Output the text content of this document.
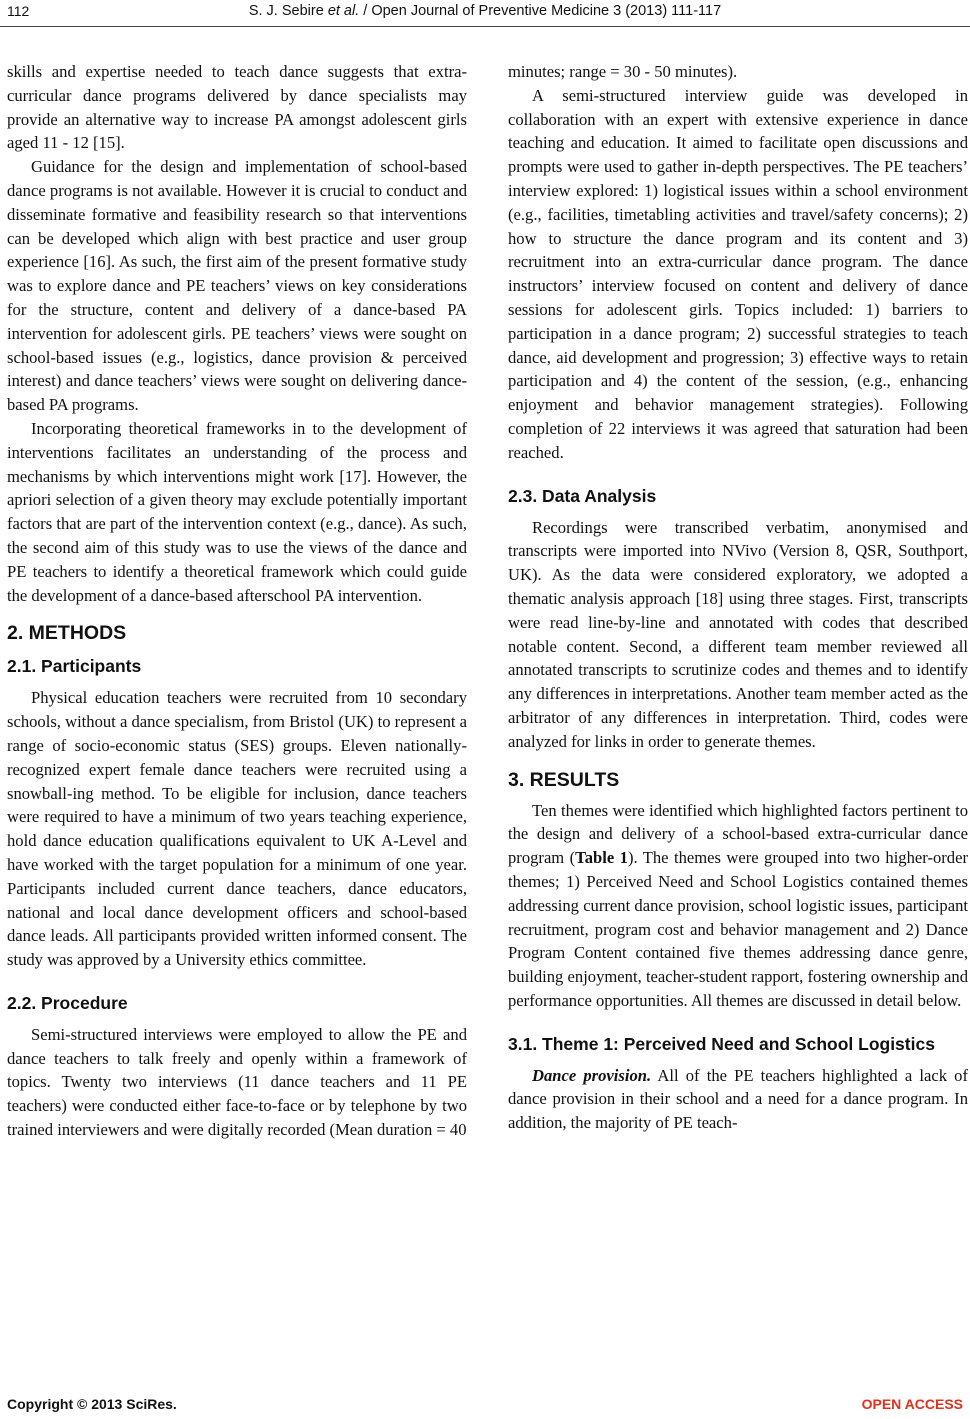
112	S. J. Sebire et al. / Open Journal of Preventive Medicine 3 (2013) 111-117

skills and expertise needed to teach dance suggests that extra-curricular dance programs delivered by dance specialists may provide an alternative way to increase PA amongst adolescent girls aged 11 - 12 [15].

Guidance for the design and implementation of school-based dance programs is not available. However it is crucial to conduct and disseminate formative and feasibility research so that interventions can be developed which align with best practice and user group experience [16]. As such, the first aim of the present formative study was to explore dance and PE teachers’ views on key considerations for the structure, content and delivery of a dance-based PA intervention for adolescent girls. PE teachers’ views were sought on school-based issues (e.g., logistics, dance provision & perceived interest) and dance teachers’ views were sought on delivering dance-based PA programs.

Incorporating theoretical frameworks in to the development of interventions facilitates an understanding of the process and mechanisms by which interventions might work [17]. However, the apriori selection of a given theory may exclude potentially important factors that are part of the intervention context (e.g., dance). As such, the second aim of this study was to use the views of the dance and PE teachers to identify a theoretical framework which could guide the development of a dance-based afterschool PA intervention.

2. METHODS
2.1. Participants

Physical education teachers were recruited from 10 secondary schools, without a dance specialism, from Bristol (UK) to represent a range of socio-economic status (SES) groups. Eleven nationally-recognized expert female dance teachers were recruited using a snowball-ing method. To be eligible for inclusion, dance teachers were required to have a minimum of two years teaching experience, hold dance education qualifications equivalent to UK A-Level and have worked with the target population for a minimum of one year. Participants included current dance teachers, dance educators, national and local dance development officers and school-based dance leads. All participants provided written informed consent. The study was approved by a University ethics committee.

2.2. Procedure

Semi-structured interviews were employed to allow the PE and dance teachers to talk freely and openly within a framework of topics. Twenty two interviews (11 dance teachers and 11 PE teachers) were conducted either face-to-face or by telephone by two trained interviewers and were digitally recorded (Mean duration = 40

minutes; range = 30 - 50 minutes).

A semi-structured interview guide was developed in collaboration with an expert with extensive experience in dance teaching and education. It aimed to facilitate open discussions and prompts were used to gather in-depth perspectives. The PE teachers’ interview explored: 1) logistical issues within a school environment (e.g., facilities, timetabling activities and travel/safety concerns); 2) how to structure the dance program and its content and 3) recruitment into an extra-curricular dance program. The dance instructors’ interview focused on content and delivery of dance sessions for adolescent girls. Topics included: 1) barriers to participation in a dance program; 2) successful strategies to teach dance, aid development and progression; 3) effective ways to retain participation and 4) the content of the session, (e.g., enhancing enjoyment and behavior management strategies). Following completion of 22 interviews it was agreed that saturation had been reached.

2.3. Data Analysis

Recordings were transcribed verbatim, anonymised and transcripts were imported into NVivo (Version 8, QSR, Southport, UK). As the data were considered exploratory, we adopted a thematic analysis approach [18] using three stages. First, transcripts were read line-by-line and annotated with codes that described notable content. Second, a different team member reviewed all annotated transcripts to scrutinize codes and themes and to identify any differences in interpretations. Another team member acted as the arbitrator of any differences in interpretation. Third, codes were analyzed for links in order to generate themes.

3. RESULTS

Ten themes were identified which highlighted factors pertinent to the design and delivery of a school-based extra-curricular dance program (Table 1). The themes were grouped into two higher-order themes; 1) Perceived Need and School Logistics contained themes addressing current dance provision, school logistic issues, participant recruitment, program cost and behavior management and 2) Dance Program Content contained five themes addressing dance genre, building enjoyment, teacher-student rapport, fostering ownership and performance opportunities. All themes are discussed in detail below.

3.1. Theme 1: Perceived Need and School Logistics

Dance provision. All of the PE teachers highlighted a lack of dance provision in their school and a need for a dance program. In addition, the majority of PE teach-

Copyright © 2013 SciRes.	OPEN ACCESS
